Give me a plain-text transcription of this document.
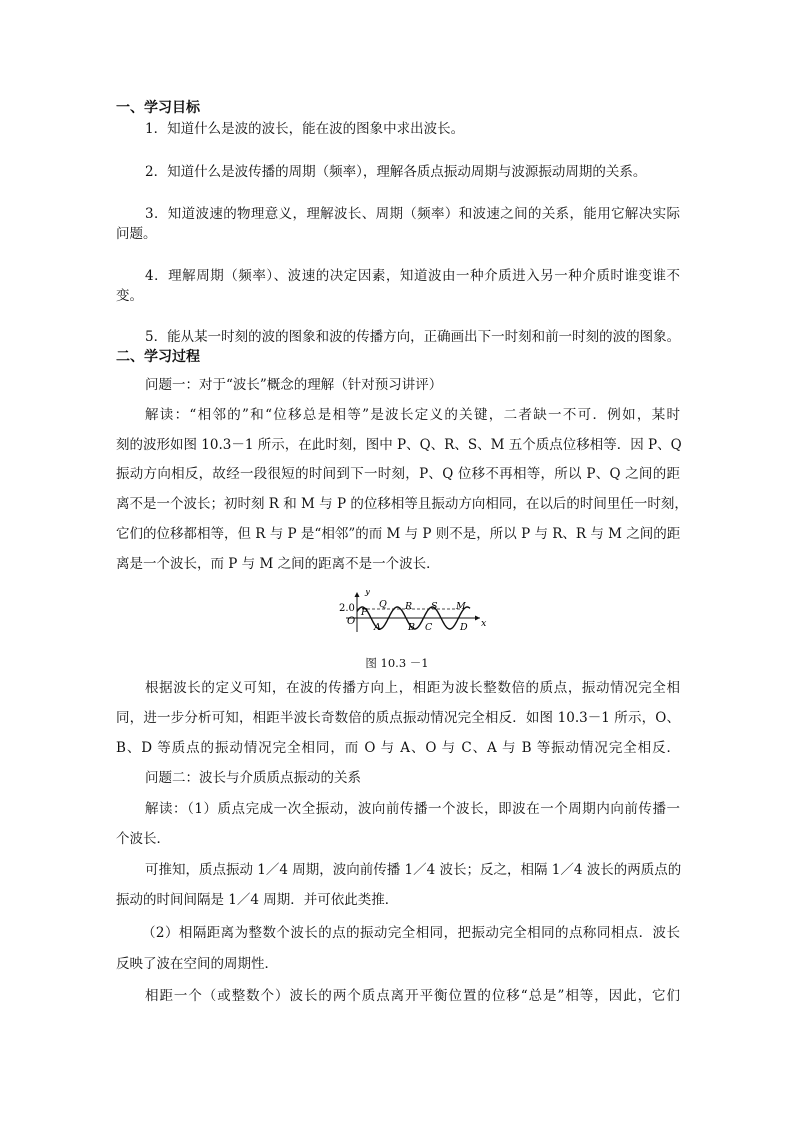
一、学习目标
1．知道什么是波的波长，能在波的图象中求出波长。
2．知道什么是波传播的周期（频率），理解各质点振动周期与波源振动周期的关系。
3．知道波速的物理意义，理解波长、周期（频率）和波速之间的关系，能用它解决实际
问题。
4．理解周期（频率）、波速的决定因素，知道波由一种介质进入另一种介质时谁变谁不
变。
5．能从某一时刻的波的图象和波的传播方向，正确画出下一时刻和前一时刻的波的图象。
二、学习过程
问题一：对于“波长”概念的理解（针对预习讲评）
解读：“相邻的”和“位移总是相等”是波长定义的关键，二者缺一不可．例如，某时
刻的波形如图 10.3－1 所示，在此时刻，图中 P、Q、R、S、M 五个质点位移相等．因 P、Q
振动方向相反，故经一段很短的时间到下一时刻，P、Q 位移不再相等，所以 P、Q 之间的距
离不是一个波长；初时刻 R 和 M 与 P 的位移相等且振动方向相同，在以后的时间里任一时刻，
它们的位移都相等，但 R 与 P 是“相邻”的而 M 与 P 则不是，所以 P 与 R、R 与 M 之间的距
离是一个波长，而 P 与 M 之间的距离不是一个波长．
y
2.0
O
P
Q R S M
A	B C	D x
图 10.3 －1
根据波长的定义可知，在波的传播方向上，相距为波长整数倍的质点，振动情况完全相
同，进一步分析可知，相距半波长奇数倍的质点振动情况完全相反．如图 10.3－1 所示，O、
B、D 等质点的振动情况完全相同，而 O 与 A、O 与 C、A 与 B 等振动情况完全相反．
问题二：波长与介质质点振动的关系
解读：（1）质点完成一次全振动，波向前传播一个波长，即波在一个周期内向前传播一
个波长．
可推知，质点振动 1／4 周期，波向前传播 1／4 波长；反之，相隔 1／4 波长的两质点的
振动的时间间隔是 1／4 周期．并可依此类推．
（2）相隔距离为整数个波长的点的振动完全相同，把振动完全相同的点称同相点．波长
反映了波在空间的周期性．
相距一个（或整数个）波长的两个质点离开平衡位置的位移“总是”相等，因此，它们
